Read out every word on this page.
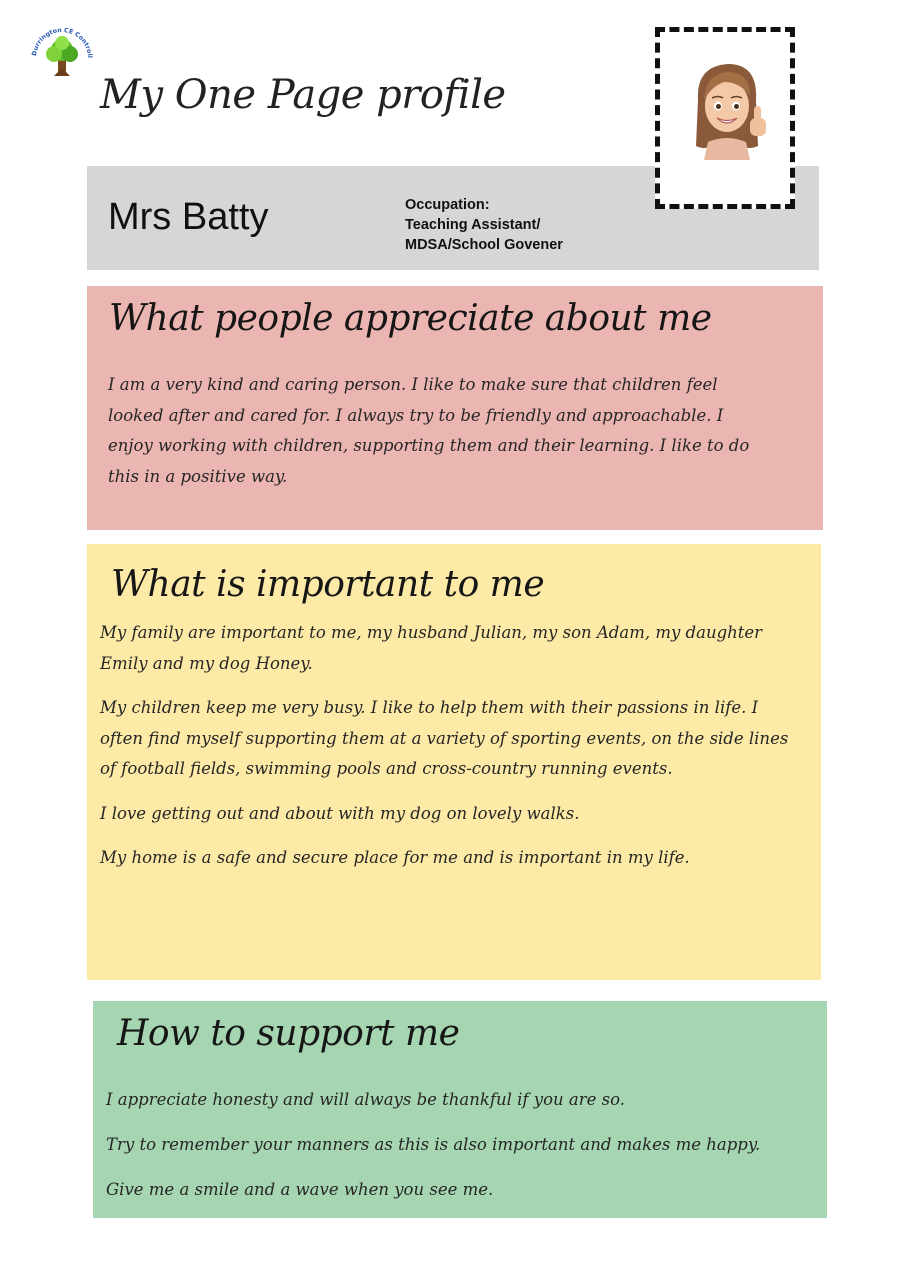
Durrington CE Controll
My One Page profile
Mrs Batty	Occupation:
Teaching Assistant/
MDSA/School Govener
What people appreciate about me

I am a very kind and caring person. I like to make sure that children feel looked after and cared for. I always try to be friendly and approachable. I enjoy working with children, supporting them and their learning. I like to do this in a positive way.

What is important to me

My family are important to me, my husband Julian, my son Adam, my daughter Emily and my dog Honey.

My children keep me very busy. I like to help them with their passions in life. I often find myself supporting them at a variety of sporting events, on the side lines of football fields, swimming pools and cross-country running events.

I love getting out and about with my dog on lovely walks.

My home is a safe and secure place for me and is important in my life.

How to support me

I appreciate honesty and will always be thankful if you are so.

Try to remember your manners as this is also important and makes me happy.

Give me a smile and a wave when you see me.
